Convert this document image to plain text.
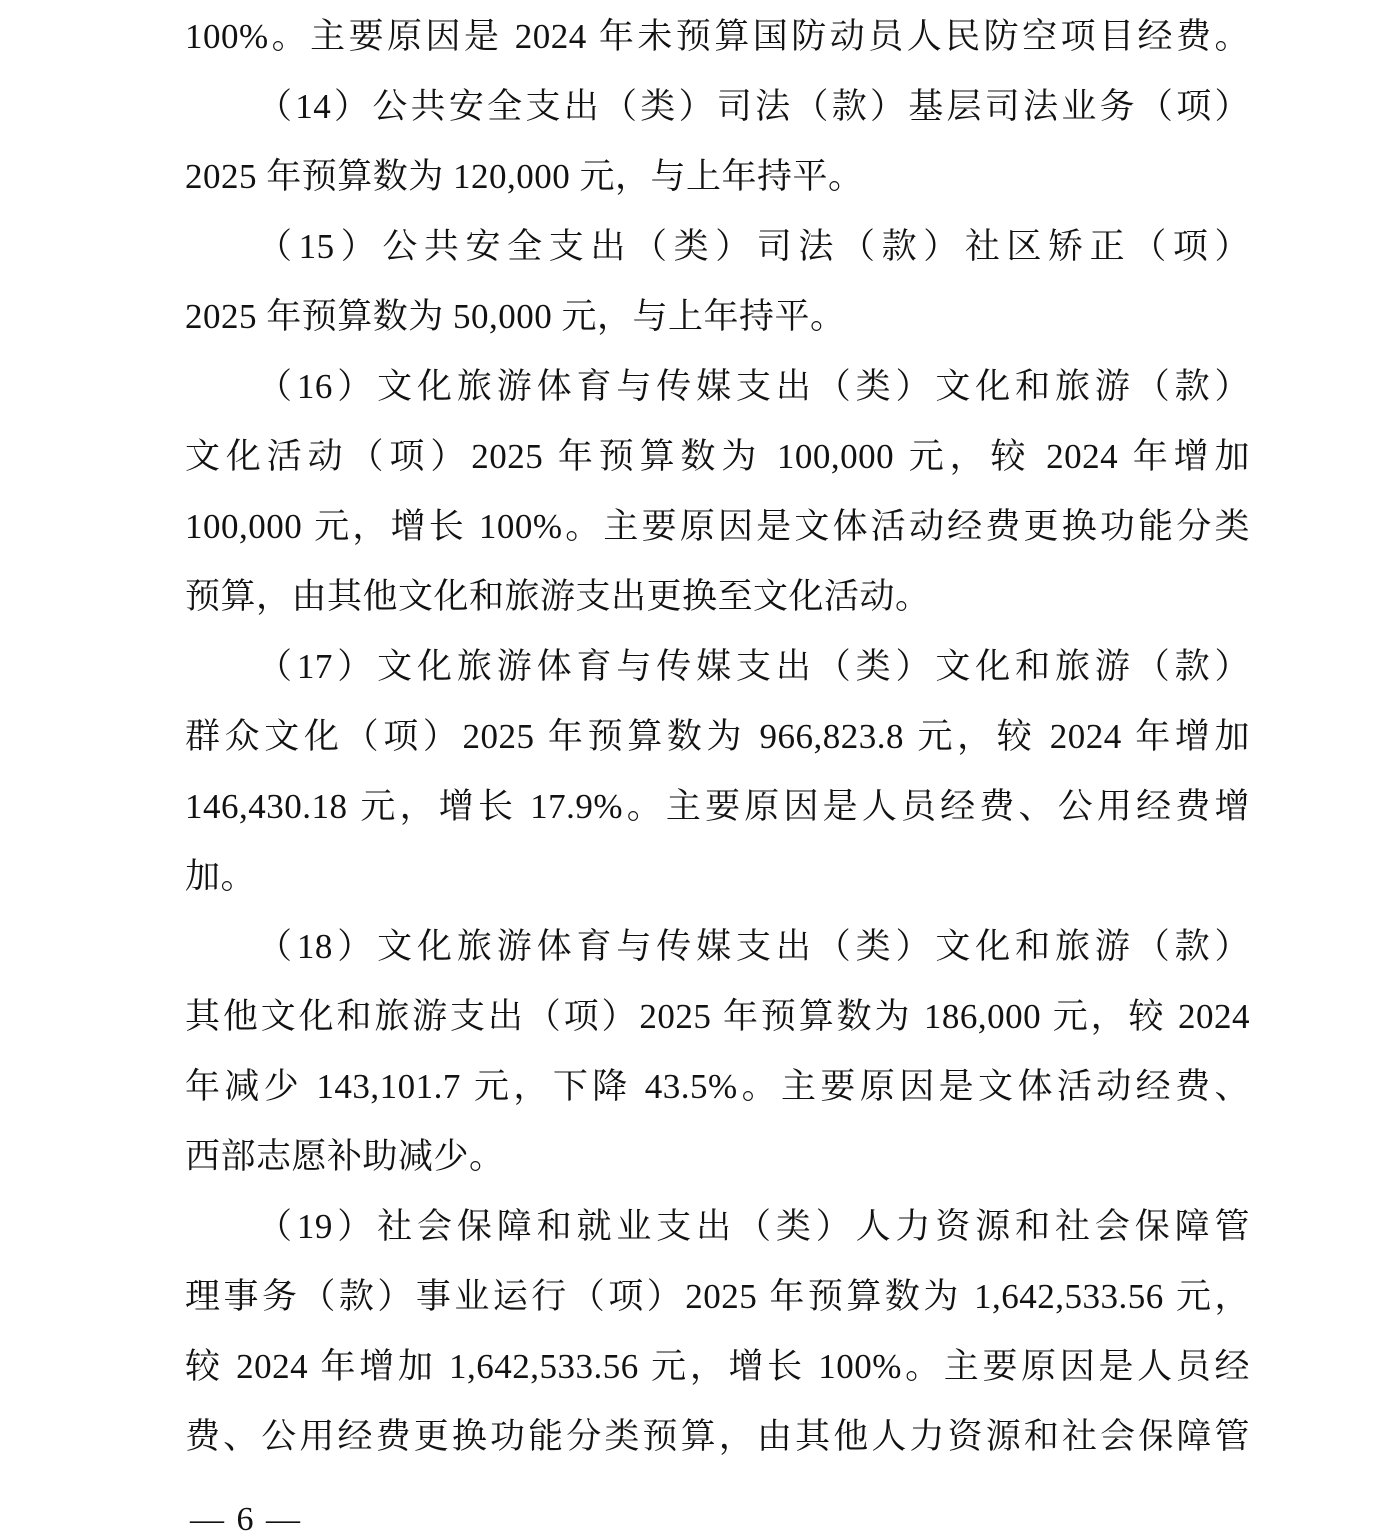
100%。主要原因是 2024 年未预算国防动员人民防空项目经费。
（14）公共安全支出（类）司法（款）基层司法业务（项）
2025 年预算数为 120,000 元，与上年持平。
（15）公共安全支出（类）司法（款）社区矫正（项）
2025 年预算数为 50,000 元，与上年持平。
（16）文化旅游体育与传媒支出（类）文化和旅游（款）
文化活动（项）2025 年预算数为 100,000 元，较 2024 年增加
100,000 元，增长 100%。主要原因是文体活动经费更换功能分类
预算，由其他文化和旅游支出更换至文化活动。
（17）文化旅游体育与传媒支出（类）文化和旅游（款）
群众文化（项）2025 年预算数为 966,823.8 元，较 2024 年增加
146,430.18 元，增长 17.9%。主要原因是人员经费、公用经费增
加。
（18）文化旅游体育与传媒支出（类）文化和旅游（款）
其他文化和旅游支出（项）2025 年预算数为 186,000 元，较 2024
年减少 143,101.7 元，下降 43.5%。主要原因是文体活动经费、
西部志愿补助减少。
（19）社会保障和就业支出（类）人力资源和社会保障管
理事务（款）事业运行（项）2025 年预算数为 1,642,533.56 元，
较 2024 年增加 1,642,533.56 元，增长 100%。主要原因是人员经
费、公用经费更换功能分类预算，由其他人力资源和社会保障管
— 6 —
